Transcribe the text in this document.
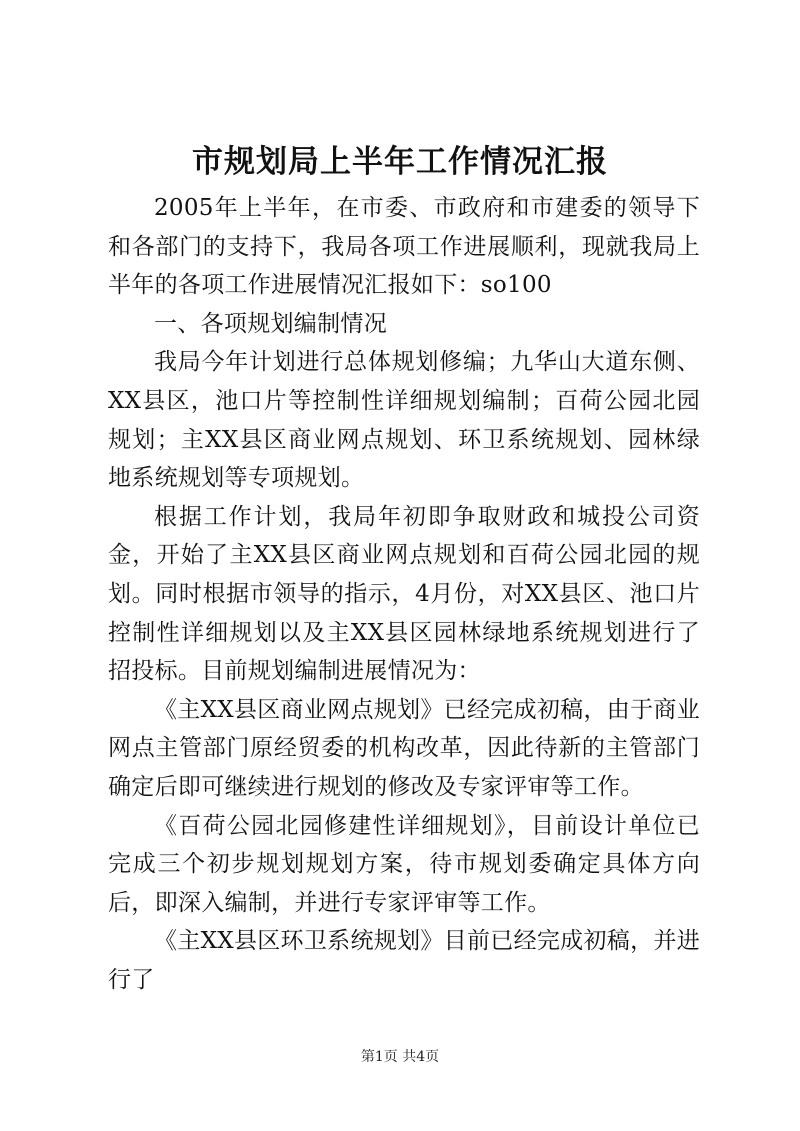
市规划局上半年工作情况汇报

2005年上半年，在市委、市政府和市建委的领导下和各部门的支持下，我局各项工作进展顺利，现就我局上半年的各项工作进展情况汇报如下：so100

一、各项规划编制情况

我局今年计划进行总体规划修编；九华山大道东侧、XX县区，池口片等控制性详细规划编制；百荷公园北园规划；主XX县区商业网点规划、环卫系统规划、园林绿地系统规划等专项规划。

根据工作计划，我局年初即争取财政和城投公司资金，开始了主XX县区商业网点规划和百荷公园北园的规划。同时根据市领导的指示，4月份，对XX县区、池口片控制性详细规划以及主XX县区园林绿地系统规划进行了招投标。目前规划编制进展情况为：

《主XX县区商业网点规划》已经完成初稿，由于商业网点主管部门原经贸委的机构改革，因此待新的主管部门确定后即可继续进行规划的修改及专家评审等工作。

《百荷公园北园修建性详细规划》，目前设计单位已完成三个初步规划规划方案，待市规划委确定具体方向后，即深入编制，并进行专家评审等工作。

《主XX县区环卫系统规划》目前已经完成初稿，并进行了

第1页 共4页
